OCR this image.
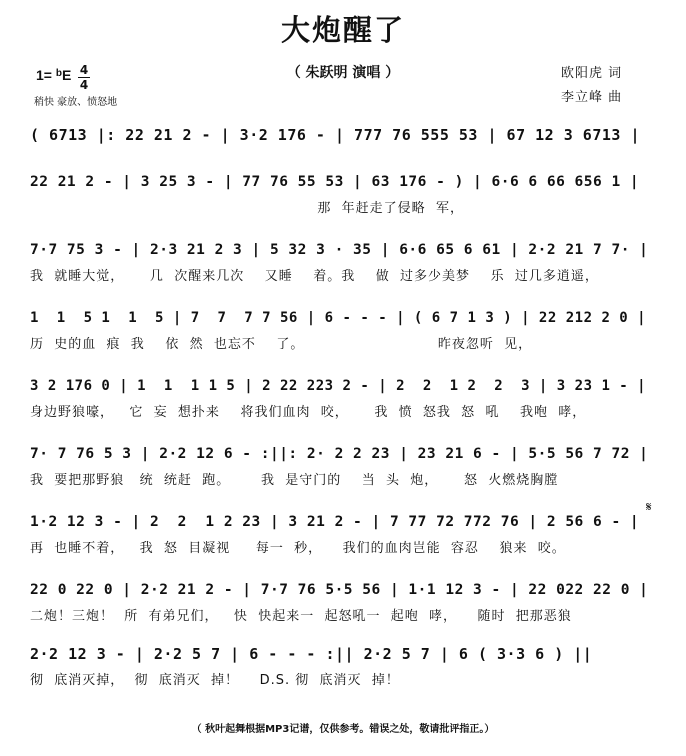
大炮醒了
（ 朱跃明 演唱 ）
1= $^b$E 4
4
稍快 豪放、愤怒地
欧阳虎 词
李立峰 曲
( 6713 |: 22 21 2 - | 3·2 176 - | 777 76 555 53 | 67 12 3 6713 |
22 21 2 - | 3 25 3 - | 77 76 55 53 | 63 176 - ) | 6·6 6 66 656 1 |
那  年赶走了侵略  军，
7·7 75 3 - | 2·3 21 2 3 | 5 32 3 · 35 | 6·6 65 6 61 | 2·2 21 7 7· |
我  就睡大觉，     几  次醒来几次    又睡    着。我    做  过多少美梦    乐  过几多逍遥，
1  1  5 1  1  5 | 7  7  7 7 56 | 6 - - - | ( 6 7 1 3 ) | 22 212 2 0 |
历  史的血  痕  我    依  然  也忘不    了。                          昨夜忽听  见，
3 2 176 0 | 1  1  1 1 5 | 2 22 223 2 - | 2  2  1 2  2  3 | 3 23 1 - |
身边野狼嚎，   它  妄  想扑来    将我们血肉  咬，     我  愤  怒我  怒  吼    我咆  哮，
7· 7 76 5 3 | 2·2 12 6 - :||: 2· 2 2 23 | 23 21 6 - | 5·5 56 7 72 |
我  要把那野狼   统  统赶  跑。      我  是守门的    当  头  炮，     怒  火燃烧胸膛
1·2 12 3 - | 2  2  1 2 23 | 3 21 2 - | 7 77 72 772 76 | 2 56 6 - |
再  也睡不着，   我  怒  目凝视     每一  秒，    我们的血肉岂能  容忍    狼来  咬。
22 0 22 0 | 2·2 21 2 - | 7·7 76 5·5 56 | 1·1 12 3 - | 22 022 22 0 |
二炮！三炮！  所  有弟兄们，   快  快起来一  起怒吼一  起咆  哮，    随时  把那恶狼
2·2 12 3 - | 2·2 5 7 | 6 - - - :|| 2·2 5 7 | 6 ( 3·3 6 ) ||
彻  底消灭掉，  彻  底消灭  掉！    D.S. 彻  底消灭  掉！
𝄋
（ 秋叶起舞根据MP3记谱，仅供参考。错误之处，敬请批评指正。）
